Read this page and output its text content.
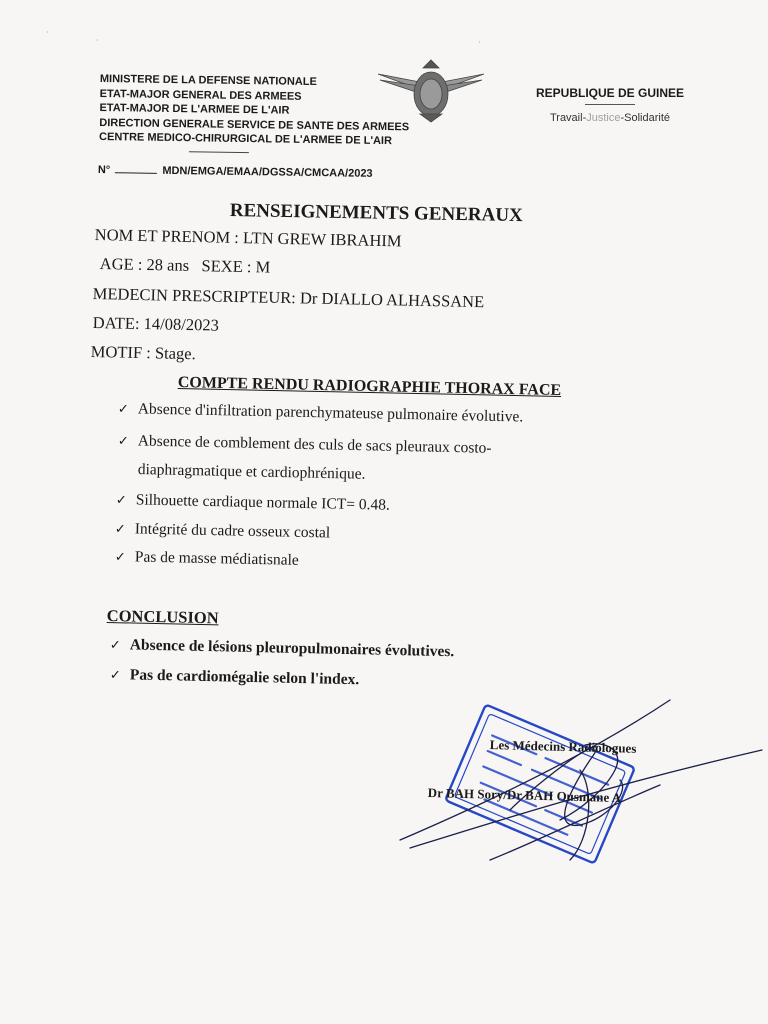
·
·	·
MINISTERE DE LA DEFENSE NATIONALE
ETAT-MAJOR GENERAL DES ARMEES
ETAT-MAJOR DE L'ARMEE DE L'AIR
DIRECTION GENERALE SERVICE DE SANTE DES ARMEES
CENTRE MEDICO-CHIRURGICAL DE L'ARMEE DE L'AIR
N°	MDN/EMGA/EMAA/DGSSA/CMCAA/2023
REPUBLIQUE DE GUINEE
Travail-Justice-Solidarité
RENSEIGNEMENTS GENERAUX
NOM ET PRENOM : LTN GREW IBRAHIM
AGE : 28 ans   SEXE : M
MEDECIN PRESCRIPTEUR: Dr DIALLO ALHASSANE
DATE: 14/08/2023
MOTIF : Stage.
COMPTE RENDU RADIOGRAPHIE THORAX FACE
✓ Absence d'infiltration parenchymateuse pulmonaire évolutive.
✓ Absence de comblement des culs de sacs pleuraux costo-
diaphragmatique et cardiophrénique.
✓ Silhouette cardiaque normale ICT= 0.48.
✓ Intégrité du cadre osseux costal
✓ Pas de masse médiatisnale
CONCLUSION
✓ Absence de lésions pleuropulmonaires évolutives.
✓ Pas de cardiomégalie selon l'index.
Les Médecins Radiologues
Dr BAH Sory/Dr BAH Ousmane A
